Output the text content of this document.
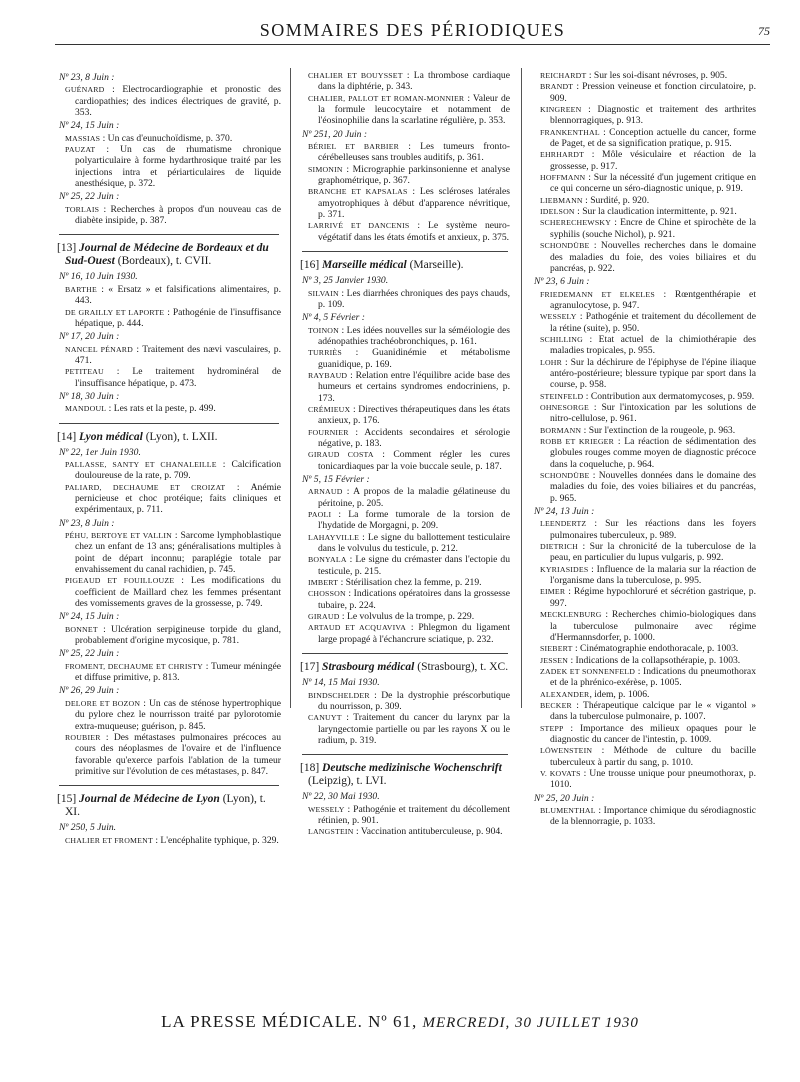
SOMMAIRES DES PÉRIODIQUES	75
Nº 23, 8 Juin :
GUÉNARD : Electrocardiographie et pronostic des cardiopathies; des indices électriques de gravité, p. 353.
Nº 24, 15 Juin :
MASSIAS : Un cas d'eunuchoïdisme, p. 370.
PAUZAT : Un cas de rhumatisme chronique polyarticulaire à forme hydarthrosique traité par les injections intra et périarticulaires de liquide anesthésique, p. 372.
Nº 25, 22 Juin :
TORLAIS : Recherches à propos d'un nouveau cas de diabète insipide, p. 387.
[13] Journal de Médecine de Bordeaux et du Sud-Ouest (Bordeaux), t. CVII.
Nº 16, 10 Juin 1930.
BARTHE : « Ersatz » et falsifications alimentaires, p. 443.
DE GRAILLY ET LAPORTE : Pathogénie de l'insuffisance hépatique, p. 444.
Nº 17, 20 Juin :
NANCEL PÉNARD : Traitement des nævi vasculaires, p. 471.
PETITEAU : Le traitement hydrominéral de l'insuffisance hépatique, p. 473.
Nº 18, 30 Juin :
MANDOUL : Les rats et la peste, p. 499.
[14] Lyon médical (Lyon), t. LXII.
Nº 22, 1er Juin 1930.
PALLASSE, SANTY ET CHANALEILLE : Calcification douloureuse de la rate, p. 709.
PALIARD, DECHAUME ET CROIZAT : Anémie pernicieuse et choc protéique; faits cliniques et expérimentaux, p. 711.
Nº 23, 8 Juin :
PÉHU, BERTOYE ET VALLIN : Sarcome lymphoblastique chez un enfant de 13 ans; généralisations multiples à point de départ inconnu; paraplégie totale par envahissement du canal rachidien, p. 745.
PIGEAUD ET FOUILLOUZE : Les modifications du coefficient de Maillard chez les femmes présentant des vomissements graves de la grossesse, p. 749.
Nº 24, 15 Juin :
BONNET : Ulcération serpigineuse torpide du gland, probablement d'origine mycosique, p. 781.
Nº 25, 22 Juin :
FROMENT, DECHAUME ET CHRISTY : Tumeur méningée et diffuse primitive, p. 813.
Nº 26, 29 Juin :
DELORE ET BOZON : Un cas de sténose hypertrophique du pylore chez le nourrisson traité par pylorotomie extra-muqueuse; guérison, p. 845.
ROUBIER : Des métastases pulmonaires précoces au cours des néoplasmes de l'ovaire et de l'influence favorable qu'exerce parfois l'ablation de la tumeur primitive sur l'évolution de ces métastases, p. 847.
[15] Journal de Médecine de Lyon (Lyon), t. XI.
Nº 250, 5 Juin.
CHALIER ET FROMENT : L'encéphalite typhique, p. 329.
CHALIER ET BOUYSSET : La thrombose cardiaque dans la diphtérie, p. 343.
CHALIER, PALLOT ET ROMAN-MONNIER : Valeur de la formule leucocytaire et notamment de l'éosinophilie dans la scarlatine régulière, p. 353.
Nº 251, 20 Juin :
BÉRIEL ET BARBIER : Les tumeurs fronto-cérébelleuses sans troubles auditifs, p. 361.
SIMONIN : Micrographie parkinsonienne et analyse graphométrique, p. 367.
BRANCHE ET KAPSALAS : Les scléroses latérales amyotrophiques à début d'apparence névritique, p. 371.
LARRIVÉ ET DANCENIS : Le système neuro-végétatif dans les états émotifs et anxieux, p. 375.
[16] Marseille médical (Marseille).
Nº 3, 25 Janvier 1930.
SILVAIN : Les diarrhées chroniques des pays chauds, p. 109.
Nº 4, 5 Février :
TOINON : Les idées nouvelles sur la séméiologie des adénopathies trachéobronchiques, p. 161.
TURRIÈS : Guanidinémie et métabolisme guanidique, p. 169.
RAYBAUD : Relation entre l'équilibre acide base des humeurs et certains syndromes endocriniens, p. 173.
CRÉMIEUX : Directives thérapeutiques dans les états anxieux, p. 176.
FOURNIER : Accidents secondaires et sérologie négative, p. 183.
GIRAUD COSTA : Comment régler les cures tonicardiaques par la voie buccale seule, p. 187.
Nº 5, 15 Février :
ARNAUD : A propos de la maladie gélatineuse du péritoine, p. 205.
PAOLI : La forme tumorale de la torsion de l'hydatide de Morgagni, p. 209.
LAHAYVILLE : Le signe du ballottement testiculaire dans le volvulus du testicule, p. 212.
BONYALA : Le signe du crémaster dans l'ectopie du testicule, p. 215.
IMBERT : Stérilisation chez la femme, p. 219.
CHOSSON : Indications opératoires dans la grossesse tubaire, p. 224.
GIRAUD : Le volvulus de la trompe, p. 229.
ARTAUD ET ACQUAVIVA : Phlegmon du ligament large propagé à l'échancrure sciatique, p. 232.
[17] Strasbourg médical (Strasbourg), t. XC.
Nº 14, 15 Mai 1930.
BINDSCHELDER : De la dystrophie préscorbutique du nourrisson, p. 309.
CANUYT : Traitement du cancer du larynx par la laryngectomie partielle ou par les rayons X ou le radium, p. 319.
[18] Deutsche medizinische Wochenschrift (Leipzig), t. LVI.
Nº 22, 30 Mai 1930.
WESSELY : Pathogénie et traitement du décollement rétinien, p. 901.
LANGSTEIN : Vaccination antituberculeuse, p. 904.
REICHARDT : Sur les soi-disant névroses, p. 905.
BRANDT : Pression veineuse et fonction circulatoire, p. 909.
KINGREEN : Diagnostic et traitement des arthrites blennorragiques, p. 913.
FRANKENTHAL : Conception actuelle du cancer, forme de Paget, et de sa signification pratique, p. 915.
EHRHARDT : Môle vésiculaire et réaction de la grossesse, p. 917.
HOFFMANN : Sur la nécessité d'un jugement critique en ce qui concerne un séro-diagnostic unique, p. 919.
LIEBMANN : Surdité, p. 920.
IDELSON : Sur la claudication intermittente, p. 921.
SCHERECHEWSKY : Encre de Chine et spirochète de la syphilis (souche Nichol), p. 921.
SCHONDÜBE : Nouvelles recherches dans le domaine des maladies du foie, des voies biliaires et du pancréas, p. 922.
Nº 23, 6 Juin :
FRIEDEMANN ET ELKELES : Rœntgenthérapie et agranulocytose, p. 947.
WESSELY : Pathogénie et traitement du décollement de la rétine (suite), p. 950.
SCHILLING : Etat actuel de la chimiothérapie des maladies tropicales, p. 955.
LOHR : Sur la déchirure de l'épiphyse de l'épine iliaque antéro-postérieure; blessure typique par sport dans la course, p. 958.
STEINFELD : Contribution aux dermatomycoses, p. 959.
OHNESORGE : Sur l'intoxication par les solutions de nitro-cellulose, p. 961.
BORMANN : Sur l'extinction de la rougeole, p. 963.
ROBB ET KRIEGER : La réaction de sédimentation des globules rouges comme moyen de diagnostic précoce dans la coqueluche, p. 964.
SCHONDÜBE : Nouvelles données dans le domaine des maladies du foie, des voies biliaires et du pancréas, p. 965.
Nº 24, 13 Juin :
LEENDERTZ : Sur les réactions dans les foyers pulmonaires tuberculeux, p. 989.
DIETRICH : Sur la chronicité de la tuberculose de la peau, en particulier du lupus vulgaris, p. 992.
KYRIASIDES : Influence de la malaria sur la réaction de l'organisme dans la tuberculose, p. 995.
EIMER : Régime hypochloruré et sécrétion gastrique, p. 997.
MECKLENBURG : Recherches chimio-biologiques dans la tuberculose pulmonaire avec régime d'Hermannsdorfer, p. 1000.
SIEBERT : Cinématographie endothoracale, p. 1003.
JESSEN : Indications de la collapsothérapie, p. 1003.
ZADEK ET SONNENFELD : Indications du pneumothorax et de la phrénico-exérèse, p. 1005.
ALEXANDER, idem, p. 1006.
BECKER : Thérapeutique calcique par le « vigantol » dans la tuberculose pulmonaire, p. 1007.
STEPP : Importance des milieux opaques pour le diagnostic du cancer de l'intestin, p. 1009.
LÖWENSTEIN : Méthode de culture du bacille tuberculeux à partir du sang, p. 1010.
V. KOVATS : Une trousse unique pour pneumothorax, p. 1010.
Nº 25, 20 Juin :
BLUMENTHAL : Importance chimique du sérodiagnostic de la blennorragie, p. 1033.
LA PRESSE MÉDICALE. Nº 61, MERCREDI, 30 JUILLET 1930
